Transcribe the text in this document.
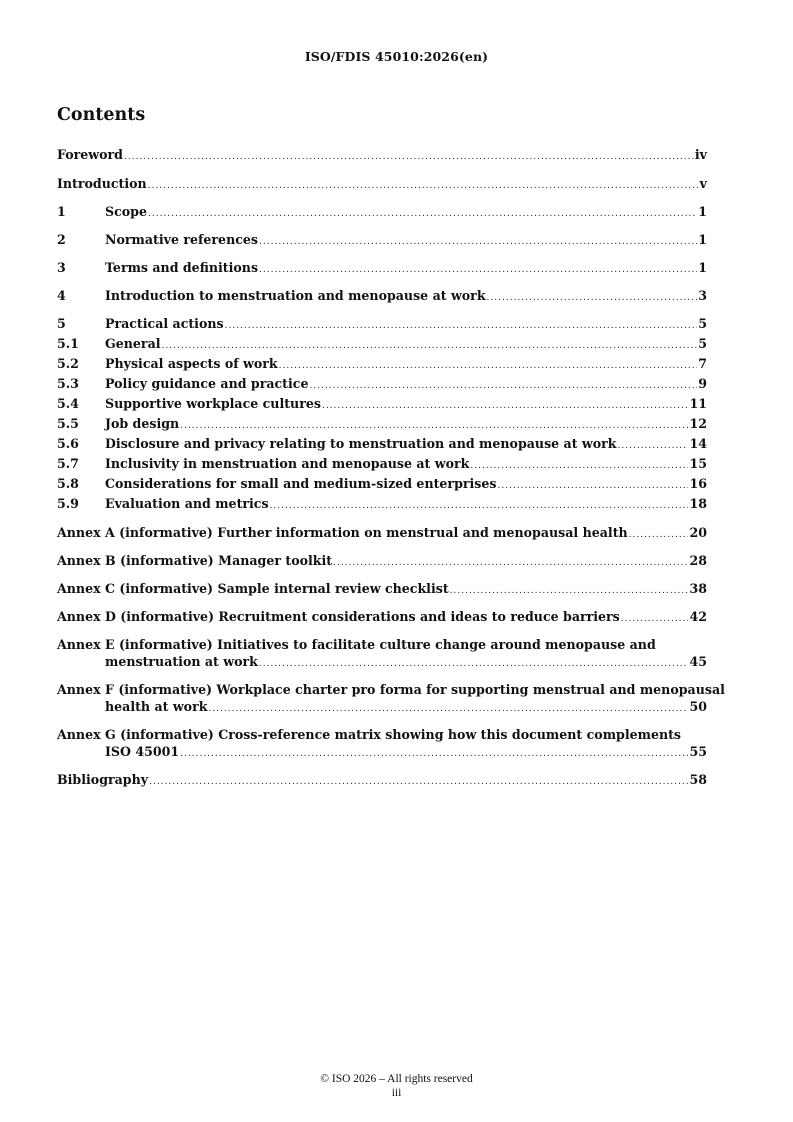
ISO/FDIS 45010:2026(en)
Contents
Foreword .....	iv
Introduction .....	v
1	Scope .....	1
2	Normative references .....	1
3	Terms and definitions .....	1
4	Introduction to menstruation and menopause at work .....	3
5	Practical actions .....	5
5.1	General .....	5
5.2	Physical aspects of work .....	7
5.3	Policy guidance and practice .....	9
5.4	Supportive workplace cultures .....	11
5.5	Job design .....	12
5.6	Disclosure and privacy relating to menstruation and menopause at work .....	14
5.7	Inclusivity in menstruation and menopause at work .....	15
5.8	Considerations for small and medium-sized enterprises .....	16
5.9	Evaluation and metrics .....	18
Annex A (informative) Further information on menstrual and menopausal health .....	20
Annex B (informative) Manager toolkit .....	28
Annex C (informative) Sample internal review checklist .....	38
Annex D (informative) Recruitment considerations and ideas to reduce barriers .....	42
Annex E (informative) Initiatives to facilitate culture change around menopause and
menstruation at work .....	45
Annex F (informative) Workplace charter pro forma for supporting menstrual and menopausal
health at work .....	50
Annex G (informative) Cross-reference matrix showing how this document complements
ISO 45001 .....	55
Bibliography .....	58
© ISO 2026 – All rights reserved
iii
